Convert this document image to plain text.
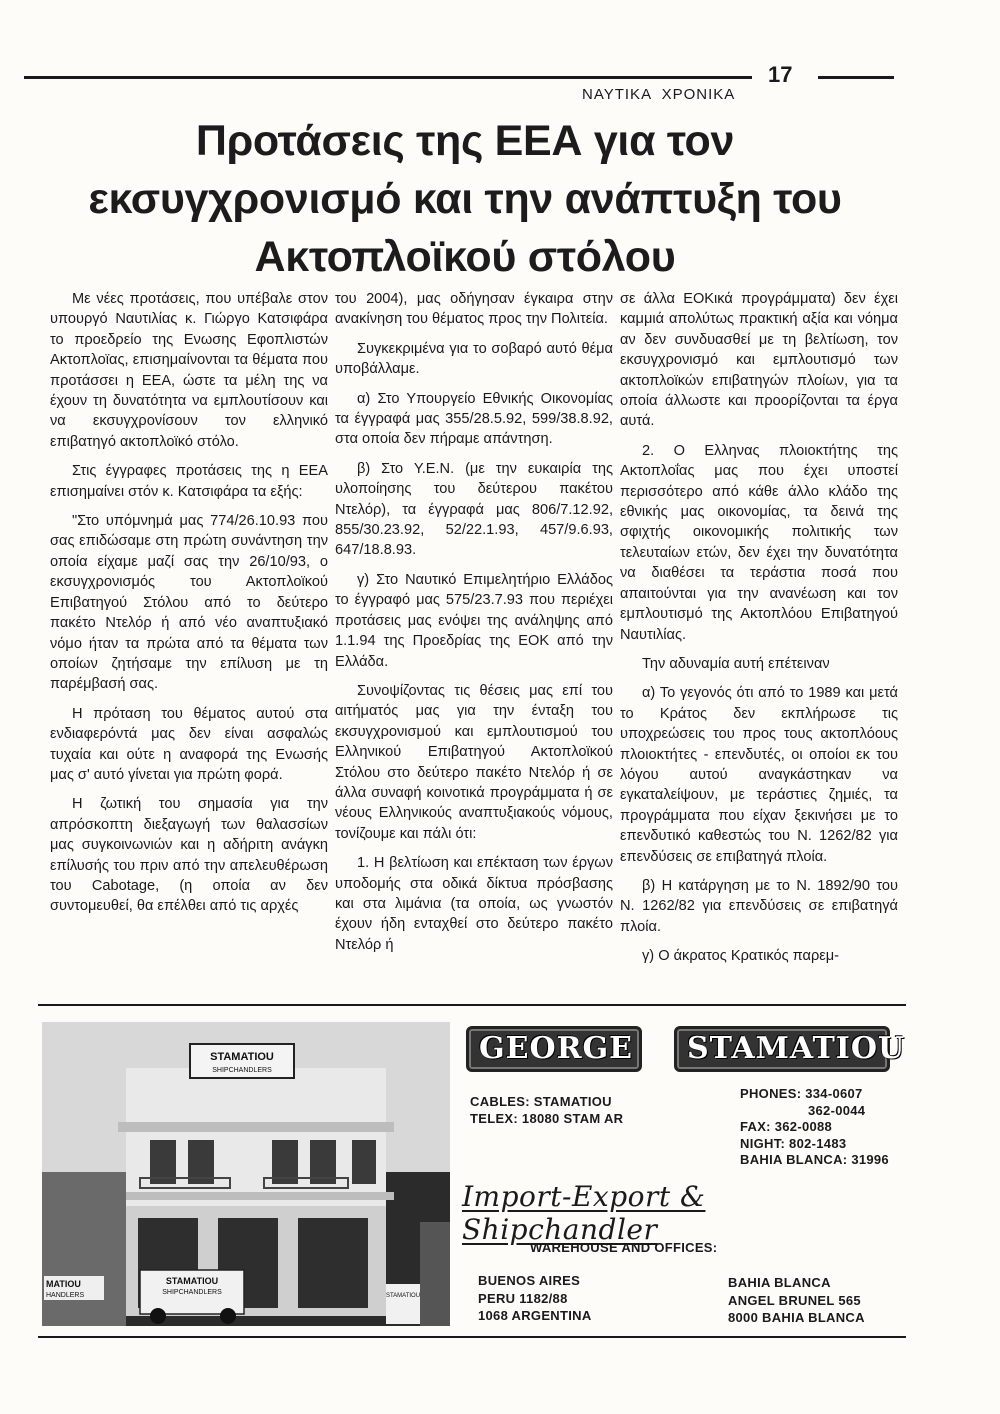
17
ΝΑΥΤΙΚΑ  ΧΡΟΝΙΚΑ
Προτάσεις της ΕΕΑ για τον
εκσυγχρονισμό και την ανάπτυξη του
Ακτοπλοϊκού στόλου

Με νέες προτάσεις, που υπέβαλε στον υπουργό Ναυτιλίας κ. Γιώργο Κατσιφάρα το προεδρείο της Ενωσης Εφοπλιστών Ακτοπλοϊας, επισημαίνονται τα θέματα που προτάσσει η ΕΕΑ, ώστε τα μέλη της να έχουν τη δυνατότητα να εμπλουτίσουν και να εκσυγχρονίσουν τον ελληνικό επιβατηγό ακτοπλοϊκό στόλο.

Στις έγγραφες προτάσεις της η ΕΕΑ επισημαίνει στόν κ. Κατσιφάρα τα εξής:

"Στο υπόμνημά μας 774/26.10.93 που σας επιδώσαμε στη πρώτη συνάντηση την οποία είχαμε μαζί σας την 26/10/93, ο εκσυγχρονισμός του Ακτοπλοϊκού Επιβατηγού Στόλου από το δεύτερο πακέτο Ντελόρ ή από νέο αναπτυξιακό νόμο ήταν τα πρώτα από τα θέματα των οποίων ζητήσαμε την επίλυση με τη παρέμβασή σας.

Η πρόταση του θέματος αυτού στα ενδιαφερόντά μας δεν είναι ασφαλώς τυχαία και ούτε η αναφορά της Ενωσής μας σ' αυτό γίνεται για πρώτη φορά.

Η ζωτική του σημασία για την απρόσκοπτη διεξαγωγή των θαλασσίων μας συγκοινωνιών και η αδήριτη ανάγκη επίλυσής του πριν από την απελευθέρωση του Cabotage, (η οποία αν δεν συντομευθεί, θα επέλθει από τις αρχές

του 2004), μας οδήγησαν έγκαιρα στην ανακίνηση του θέματος προς την Πολιτεία.

Συγκεκριμένα για το σοβαρό αυτό θέμα υποβάλλαμε.

α) Στο Υπουργείο Εθνικής Οικονομίας τα έγγραφά μας 355/28.5.92, 599/38.8.92, στα οποία δεν πήραμε απάντηση.

β) Στο Υ.Ε.Ν. (με την ευκαιρία της υλοποίησης του δεύτερου πακέτου Ντελόρ), τα έγγραφά μας 806/7.12.92, 855/30.23.92, 52/22.1.93, 457/9.6.93, 647/18.8.93.

γ) Στο Ναυτικό Επιμελητήριο Ελλάδος το έγγραφό μας 575/23.7.93 που περιέχει προτάσεις μας ενόψει της ανάληψης από 1.1.94 της Προεδρίας της ΕΟΚ από την Ελλάδα.

Συνοψίζοντας τις θέσεις μας επί του αιτήματός μας για την ένταξη του εκσυγχρονισμού και εμπλουτισμού του Ελληνικού Επιβατηγού Ακτοπλοϊκού Στόλου στο δεύτερο πακέτο Ντελόρ ή σε άλλα συναφή κοινοτικά προγράμματα ή σε νέους Ελληνικούς αναπτυξιακούς νόμους, τονίζουμε και πάλι ότι:

1. Η βελτίωση και επέκταση των έργων υποδομής στα οδικά δίκτυα πρόσβασης και στα λιμάνια (τα οποία, ως γνωστόν έχουν ήδη ενταχθεί στο δεύτερο πακέτο Ντελόρ ή

σε άλλα ΕΟΚικά προγράμματα) δεν έχει καμμιά απολύτως πρακτική αξία και νόημα αν δεν συνδυασθεί με τη βελτίωση, τον εκσυγχρονισμό και εμπλουτισμό των ακτοπλοϊκών επιβατηγών πλοίων, για τα οποία άλλωστε και προορίζονται τα έργα αυτά.

2. Ο Ελληνας πλοιοκτήτης της Ακτοπλοΐας μας που έχει υποστεί περισσότερο από κάθε άλλο κλάδο της εθνικής μας οικονομίας, τα δεινά της σφιχτής οικονομικής πολιτικής των τελευταίων ετών, δεν έχει την δυνατότητα να διαθέσει τα τεράστια ποσά που απαιτούνται για την ανανέωση και τον εμπλουτισμό της Ακτοπλόου Επιβατηγού Ναυτιλίας.

Την αδυναμία αυτή επέτειναν

α) Το γεγονός ότι από το 1989 και μετά το Κράτος δεν εκπλήρωσε τις υποχρεώσεις του προς τους ακτοπλόους πλοιοκτήτες - επενδυτές, οι οποίοι εκ του λόγου αυτού αναγκάστηκαν να εγκαταλείψουν, με τεράστιες ζημιές, τα προγράμματα που είχαν ξεκινήσει με το επενδυτικό καθεστώς του Ν. 1262/82 για επενδύσεις σε επιβατηγά πλοία.

β) Η κατάργηση με το Ν. 1892/90 του Ν. 1262/82 για επενδύσεις σε επιβατηγά πλοία.

γ) Ο άκρατος Κρατικός παρεμ-

STAMATIOU
SHIPCHANDLERS
MATIOU
HANDLERS
STAMATIOU
SHIPCHANDLERS	STAMATIOU
GEORGE	STAMATIOU
CABLES: STAMATIOU
TELEX: 18080 STAM AR
PHONES: 334-0607
362-0044
FAX: 362-0088
NIGHT: 802-1483
BAHIA BLANCA: 31996
Import-Export & Shipchandler
WAREHOUSE AND OFFICES:
BUENOS AIRES
PERU 1182/88
1068 ARGENTINA
BAHIA BLANCA
ANGEL BRUNEL 565
8000 BAHIA BLANCA
